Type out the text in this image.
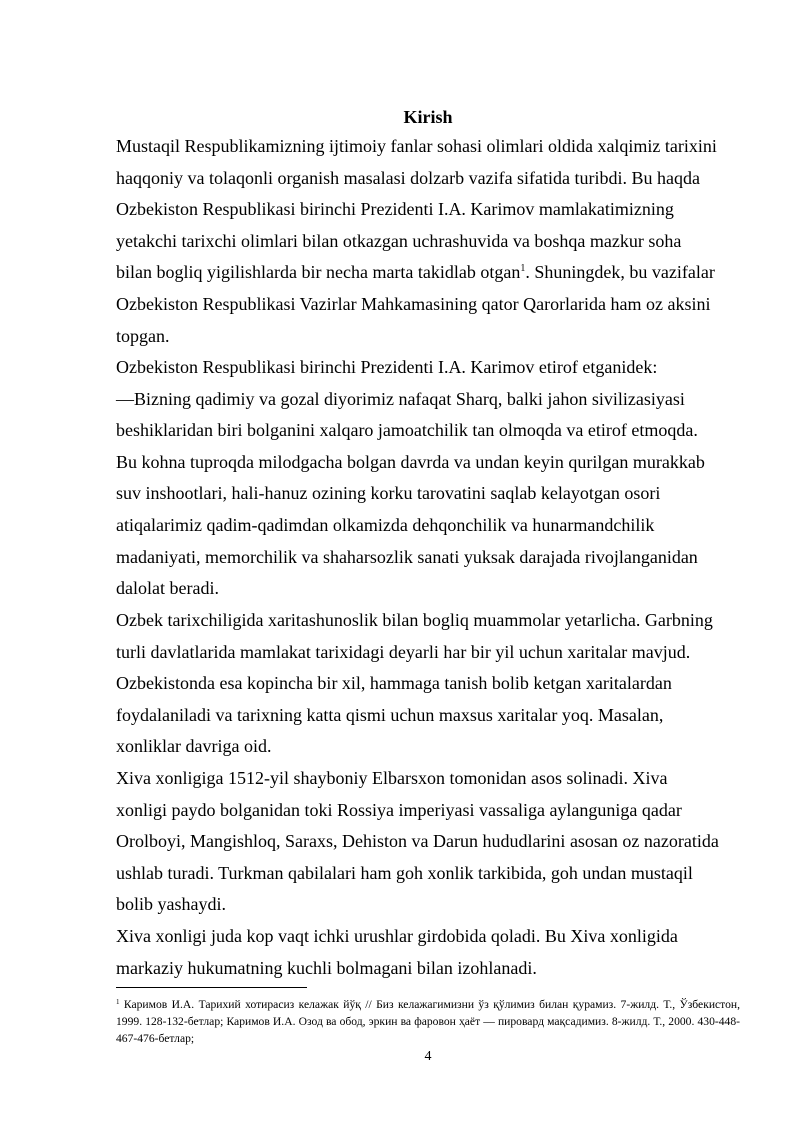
Kirish
Mustaqil Respublikamizning ijtimoiy fanlar sohasi olimlari oldida xalqimiz tarixini
haqqoniy va tolaqonli organish masalasi dolzarb vazifa sifatida turibdi. Bu haqda
Ozbekiston Respublikasi birinchi Prezidenti I.A. Karimov mamlakatimizning
yetakchi tarixchi olimlari bilan otkazgan uchrashuvida va boshqa mazkur soha
bilan bogliq yigilishlarda bir necha marta takidlab otgan$^1$. Shuningdek, bu vazifalar
Ozbekiston Respublikasi Vazirlar Mahkamasining qator Qarorlarida ham oz aksini
topgan.
Ozbekiston Respublikasi birinchi Prezidenti I.A. Karimov etirof etganidek:
—Bizning qadimiy va gozal diyorimiz nafaqat Sharq, balki jahon sivilizasiyasi
beshiklaridan biri bolganini xalqaro jamoatchilik tan olmoqda va etirof etmoqda.
Bu kohna tuproqda milodgacha bolgan davrda va undan keyin qurilgan murakkab
suv inshootlari, hali-hanuz ozining korku tarovatini saqlab kelayotgan osori
atiqalarimiz qadim-qadimdan olkamizda dehqonchilik va hunarmandchilik
madaniyati, memorchilik va shaharsozlik sanati yuksak darajada rivojlanganidan
dalolat beradi.
Ozbek tarixchiligida xaritashunoslik bilan bogliq muammolar yetarlicha. Garbning
turli davlatlarida mamlakat tarixidagi deyarli har bir yil uchun xaritalar mavjud.
Ozbekistonda esa kopincha bir xil, hammaga tanish bolib ketgan xaritalardan
foydalaniladi va tarixning katta qismi uchun maxsus xaritalar yoq. Masalan,
xonliklar davriga oid.
Xiva xonligiga 1512-yil shayboniy Elbarsxon tomonidan asos solinadi. Xiva
xonligi paydo bolganidan toki Rossiya imperiyasi vassaliga aylanguniga qadar
Orolboyi, Mangishloq, Saraxs, Dehiston va Darun hududlarini asosan oz nazoratida
ushlab turadi. Turkman qabilalari ham goh xonlik tarkibida, goh undan mustaqil
bolib yashaydi.
Xiva xonligi juda kop vaqt ichki urushlar girdobida qoladi. Bu Xiva xonligida
markaziy hukumatning kuchli bolmagani bilan izohlanadi.
$^1$ Каримов И.А. Тарихий хотирасиз келажак йўқ // Биз келажагимизни ўз қўлимиз билан қурамиз. 7-жилд. Т., Ўзбекистон, 1999. 128-132-бетлар; Каримов И.А. Озод ва обод, эркин ва фаровон ҳаёт — пировард мақсадимиз. 8-жилд. Т., 2000. 430-448-467-476-бетлар;
4
